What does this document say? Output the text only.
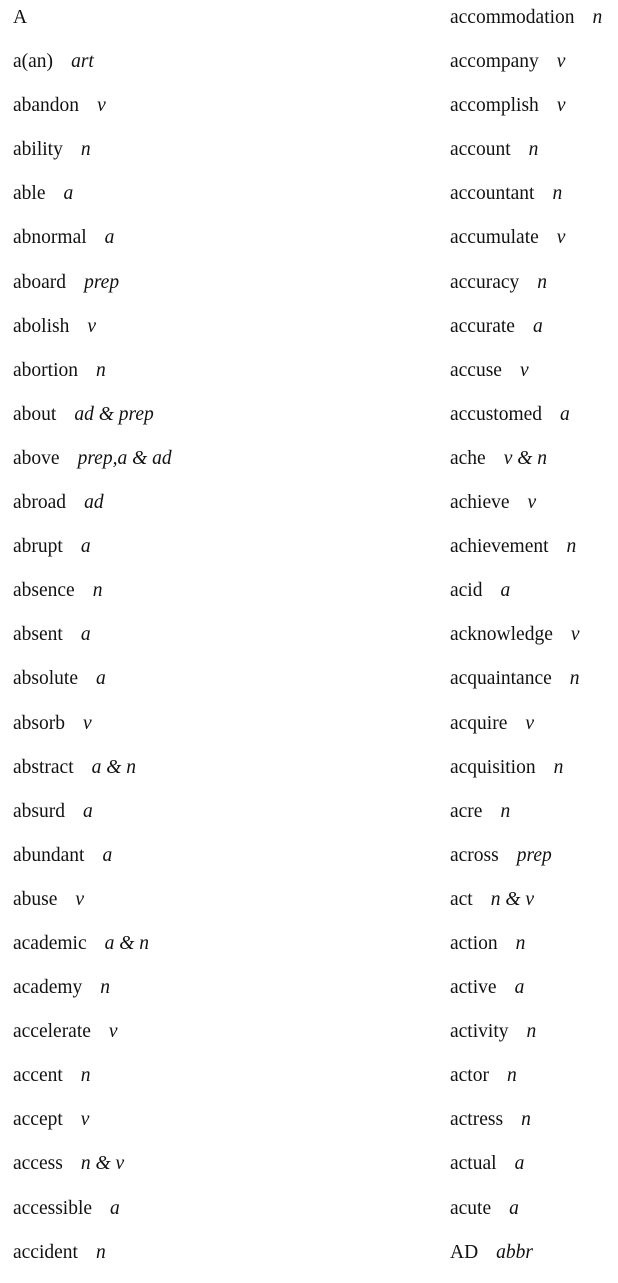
A
a(an) art
abandon v
ability n
able a
abnormal a
aboard prep
abolish v
abortion n
about ad & prep
above prep,a & ad
abroad ad
abrupt a
absence n
absent a
absolute a
absorb v
abstract a & n
absurd a
abundant a
abuse v
academic a & n
academy n
accelerate v
accent n
accept v
access n & v
accessible a
accident n
accommodation n
accompany v
accomplish v
account n
accountant n
accumulate v
accuracy n
accurate a
accuse v
accustomed a
ache v & n
achieve v
achievement n
acid a
acknowledge v
acquaintance n
acquire v
acquisition n
acre n
across prep
act n & v
action n
active a
activity n
actor n
actress n
actual a
acute a
AD abbr
